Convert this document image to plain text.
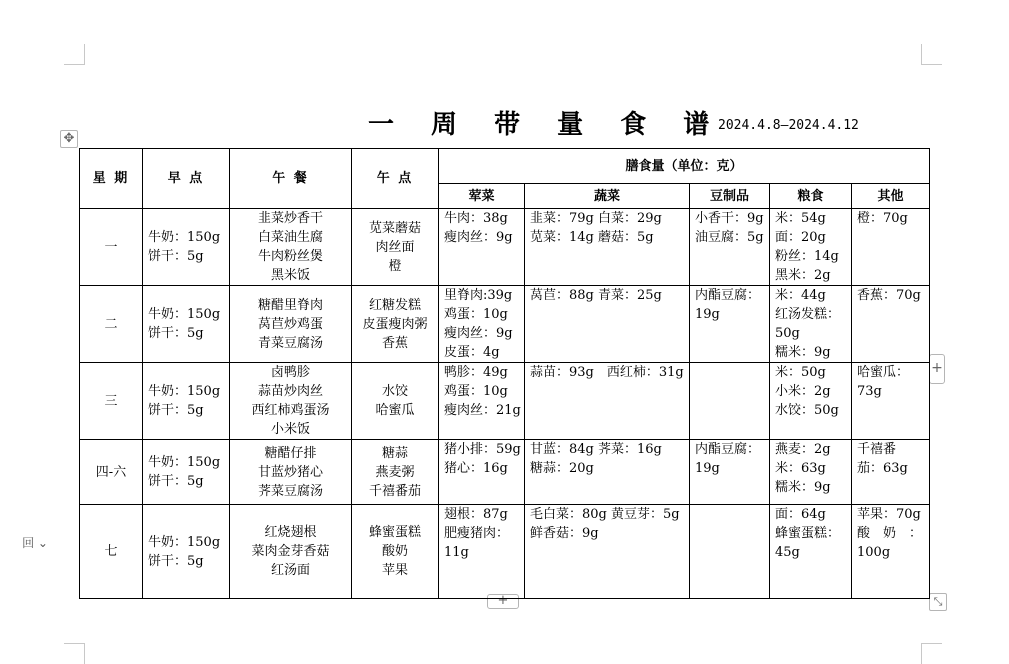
一 周 带 量 食 谱
2024.4.8—2024.4.12
✥
+
+	⤡
回 ⌄
星 期	早 点	午 餐	午 点	膳食量（单位：克）				
				荤菜	蔬菜	豆制品	粮食	其他
一	牛奶：150g
饼干：5g	韭菜炒香干
白菜油生腐
牛肉粉丝煲
黑米饭	苋菜蘑菇
肉丝面
橙	牛肉：38g
瘦肉丝：9g	韭菜：79g 白菜：29g
苋菜：14g 蘑菇：5g	小香干：9g
油豆腐：5g	米：54g
面：20g
粉丝：14g
黑米：2g	橙：70g

二	牛奶：150g
饼干：5g	糖醋里脊肉
莴苣炒鸡蛋
青菜豆腐汤	红糖发糕
皮蛋瘦肉粥
香蕉	里脊肉:39g
鸡蛋：10g
瘦肉丝：9g
皮蛋：4g	莴苣：88g 青菜：25g	内酯豆腐：
19g	米：44g
红汤发糕：
50g
糯米：9g	香蕉：70g

三	牛奶：150g
饼干：5g	卤鸭胗
蒜苗炒肉丝
西红柿鸡蛋汤
小米饭	水饺
哈蜜瓜	鸭胗：49g
鸡蛋：10g
瘦肉丝：21g	蒜苗：93g　西红柿：31g		米：50g
小米：2g
水饺：50g	哈蜜瓜：
73g

四-六	牛奶：150g
饼干：5g	糖醋仔排
甘蓝炒猪心
荠菜豆腐汤	糖蒜
燕麦粥
千禧番茄	猪小排：59g
猪心：16g	甘蓝：84g 荠菜：16g
糖蒜：20g	内酯豆腐：
19g	燕麦：2g
米：63g
糯米：9g	千禧番
茄：63g

七	牛奶：150g
饼干：5g	红烧翅根
菜肉金芽香菇
红汤面	蜂蜜蛋糕
酸奶
苹果	翅根：87g
肥瘦猪肉：
11g	毛白菜：80g 黄豆芽：5g
鲜香菇：9g		面：64g
蜂蜜蛋糕：
45g	苹果：70g
酸　奶　：
100g
